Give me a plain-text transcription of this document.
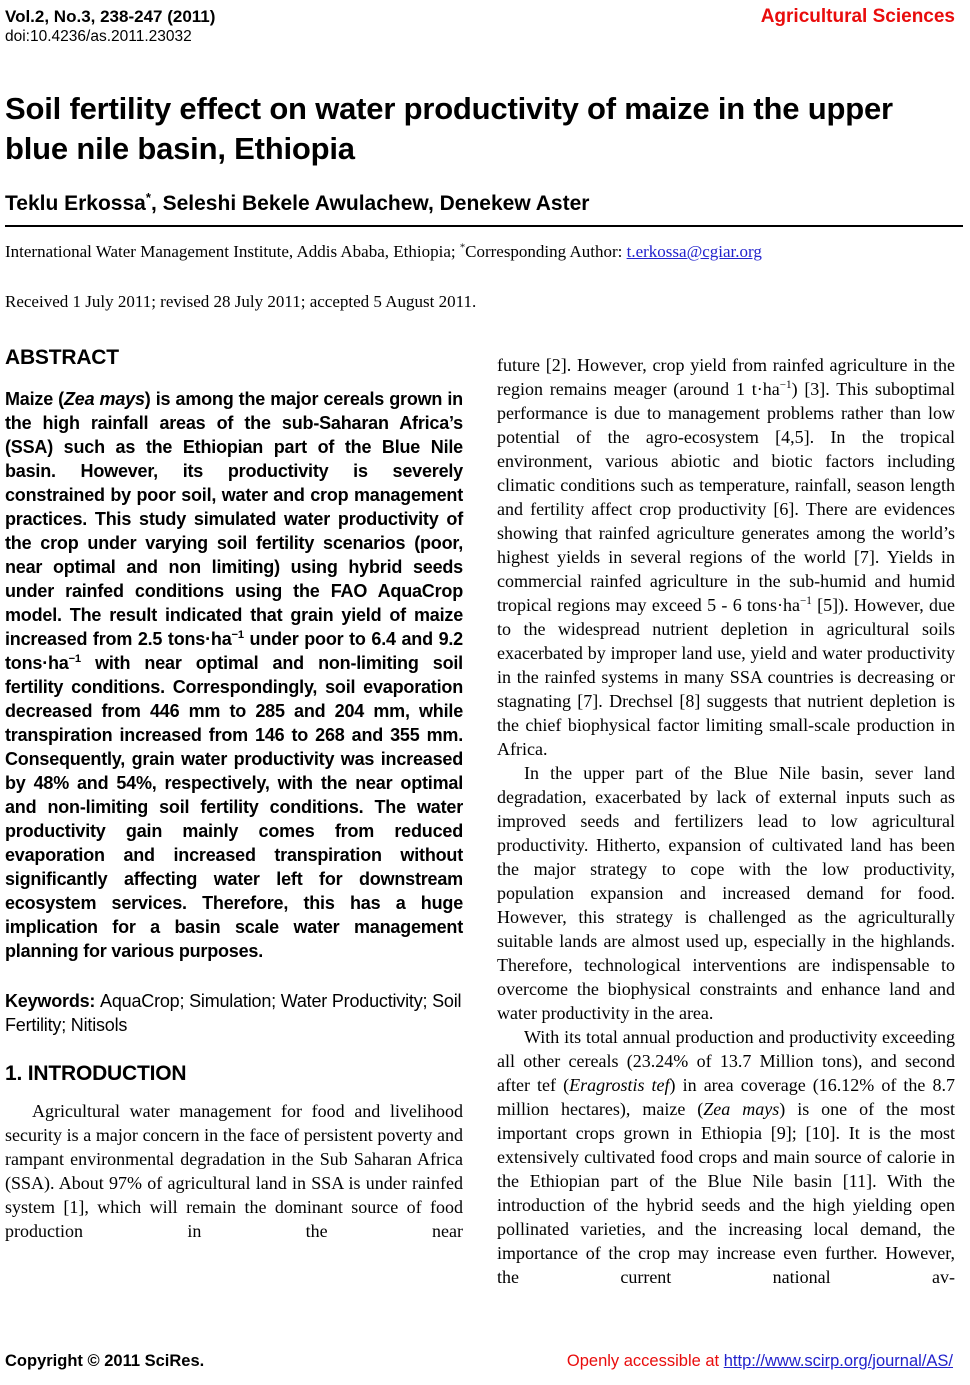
Vol.2, No.3, 238-247 (2011)
doi:10.4236/as.2011.23032
Agricultural Sciences
Soil fertility effect on water productivity of maize in the upper blue nile basin, Ethiopia
Teklu Erkossa*, Seleshi Bekele Awulachew, Denekew Aster
International Water Management Institute, Addis Ababa, Ethiopia; *Corresponding Author: t.erkossa@cgiar.org
Received 1 July 2011; revised 28 July 2011; accepted 5 August 2011.
ABSTRACT

Maize (Zea mays) is among the major cereals grown in the high rainfall areas of the sub-Saharan Africa’s (SSA) such as the Ethiopian part of the Blue Nile basin. However, its productivity is severely constrained by poor soil, water and crop management practices. This study simulated water productivity of the crop under varying soil fertility scenarios (poor, near optimal and non limiting) using hybrid seeds under rainfed conditions using the FAO AquaCrop model. The result indicated that grain yield of maize increased from 2.5 $tons\cdot ha^{-1}$ under poor to 6.4 and 9.2 $tons\cdot ha^{-1}$ with near optimal and non-limiting soil fertility conditions. Correspondingly, soil evaporation decreased from 446 mm to 285 and 204 mm, while transpiration increased from 146 to 268 and 355 mm. Consequently, grain water productivity was increased by 48% and 54%, respectively, with the near optimal and non-limiting soil fertility conditions. The water productivity gain mainly comes from reduced evaporation and increased transpiration without significantly affecting water left for downstream ecosystem services. Therefore, this has a huge implication for a basin scale water management planning for various purposes.

Keywords: AquaCrop; Simulation; Water Productivity; Soil Fertility; Nitisols

1. INTRODUCTION

Agricultural water management for food and livelihood security is a major concern in the face of persistent poverty and rampant environmental degradation in the Sub Saharan Africa (SSA). About 97% of agricultural land in SSA is under rainfed system [1], which will remain the dominant source of food production in the near

future [2]. However, crop yield from rainfed agriculture in the region remains meager (around 1 $t\cdot ha^{-1}$) [3]. This suboptimal performance is due to management problems rather than low potential of the agro-ecosystem [4,5]. In the tropical environment, various abiotic and biotic factors including climatic conditions such as temperature, rainfall, season length and fertility affect crop productivity [6]. There are evidences showing that rainfed agriculture generates among the world’s highest yields in several regions of the world [7]. Yields in commercial rainfed agriculture in the sub-humid and humid tropical regions may exceed 5 - 6 $tons\cdot ha^{-1}$ [5]). However, due to the widespread nutrient depletion in agricultural soils exacerbated by improper land use, yield and water productivity in the rainfed systems in many SSA countries is decreasing or stagnating [7]. Drechsel [8] suggests that nutrient depletion is the chief biophysical factor limiting small-scale production in Africa.

In the upper part of the Blue Nile basin, sever land degradation, exacerbated by lack of external inputs such as improved seeds and fertilizers lead to low agricultural productivity. Hitherto, expansion of cultivated land has been the major strategy to cope with the low productivity, population expansion and increased demand for food. However, this strategy is challenged as the agriculturally suitable lands are almost used up, especially in the highlands. Therefore, technological interventions are indispensable to overcome the biophysical constraints and enhance land and water productivity in the area.

With its total annual production and productivity exceeding all other cereals (23.24% of 13.7 Million tons), and second after tef (Eragrostis tef) in area coverage (16.12% of the 8.7 million hectares), maize (Zea mays) is one of the most important crops grown in Ethiopia [9]; [10]. It is the most extensively cultivated food crops and main source of calorie in the Ethiopian part of the Blue Nile basin [11]. With the introduction of the hybrid seeds and the high yielding open pollinated varieties, and the increasing local demand, the importance of the crop may increase even further. However, the current national av-

Copyright © 2011 SciRes.	Openly accessible at http://www.scirp.org/journal/AS/
